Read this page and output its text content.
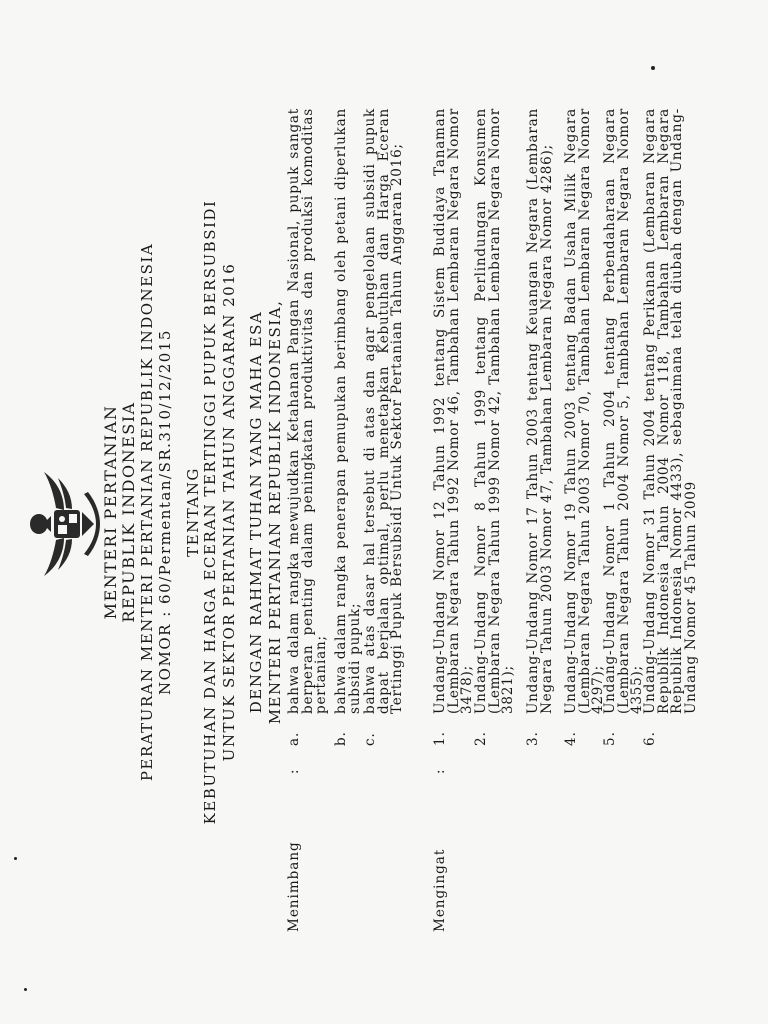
MENTERI PERTANIAN REPUBLIK INDONESIA PERATURAN MENTERI PERTANIAN REPUBLIK INDONESIA NOMOR : 60/Permentan/SR.310/12/2015 TENTANG KEBUTUHAN DAN HARGA ECERAN TERTINGGI PUPUK BERSUBSIDI UNTUK SEKTOR PERTANIAN TAHUN ANGGARAN 2016 DENGAN RAHMAT TUHAN YANG MAHA ESA MENTERI PERTANIAN REPUBLIK INDONESIA,
Menimbang
:
a.
bahwa dalam rangka mewujudkan Ketahanan Pangan Nasional, pupuk sangat berperan penting dalam peningkatan produktivitas dan produksi komoditas pertanian;
b.
bahwa dalam rangka penerapan pemupukan berimbang oleh petani diperlukan subsidi pupuk;
c.
bahwa atas dasar hal tersebut di atas dan agar pengelolaan subsidi pupuk dapat berjalan optimal, perlu menetapkan Kebutuhan dan Harga Eceran Tertinggi Pupuk Bersubsidi Untuk Sektor Pertanian Tahun Anggaran 2016;
Mengingat
:
1.
Undang-Undang Nomor 12 Tahun 1992 tentang Sistem Budidaya Tanaman (Lembaran Negara Tahun 1992 Nomor 46, Tambahan Lembaran Negara Nomor 3478);
2.
Undang-Undang Nomor 8 Tahun 1999 tentang Perlindungan Konsumen (Lembaran Negara Tahun 1999 Nomor 42, Tambahan Lembaran Negara Nomor 3821);
3.
Undang-Undang Nomor 17 Tahun 2003 tentang Keuangan Negara (Lembaran Negara Tahun 2003 Nomor 47, Tambahan Lembaran Negara Nomor 4286);
4.
Undang-Undang Nomor 19 Tahun 2003 tentang Badan Usaha Milik Negara (Lembaran Negara Tahun 2003 Nomor 70, Tambahan Lembaran Negara Nomor 4297);
5.
Undang-Undang Nomor 1 Tahun 2004 tentang Perbendaharaan Negara (Lembaran Negara Tahun 2004 Nomor 5, Tambahan Lembaran Negara Nomor 4355);
6.
Undang-Undang Nomor 31 Tahun 2004 tentang Perikanan (Lembaran Negara Republik Indonesia Tahun 2004 Nomor 118, Tambahan Lembaran Negara Republik Indonesia Nomor 4433), sebagaimana telah diubah dengan Undang-Undang Nomor 45 Tahun 2009
